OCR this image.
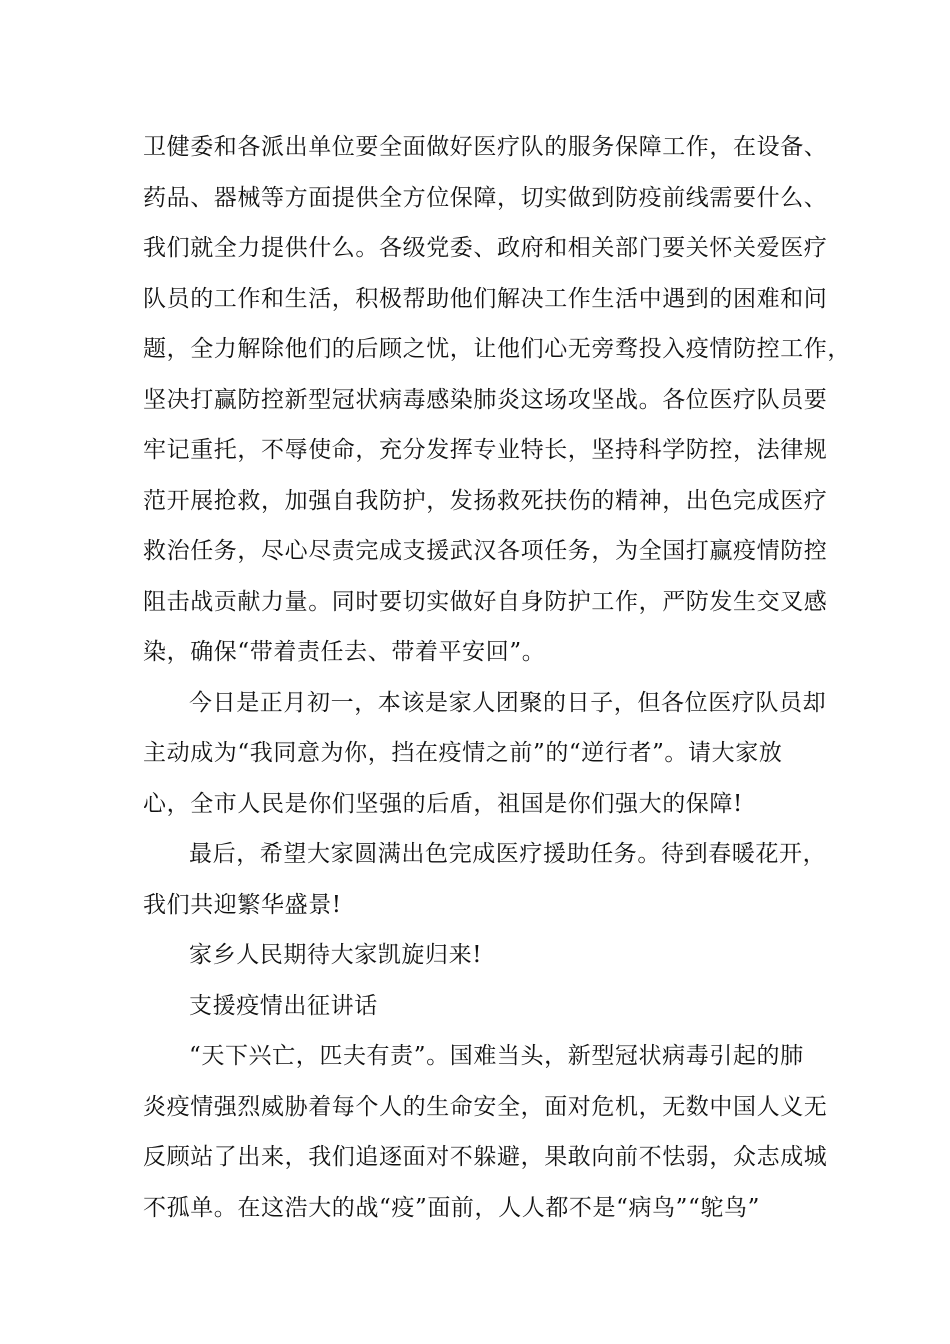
卫健委和各派出单位要全面做好医疗队的服务保障工作，在设备、
药品、器械等方面提供全方位保障，切实做到防疫前线需要什么、
我们就全力提供什么。各级党委、政府和相关部门要关怀关爱医疗
队员的工作和生活，积极帮助他们解决工作生活中遇到的困难和问
题，全力解除他们的后顾之忧，让他们心无旁骛投入疫情防控工作，
坚决打赢防控新型冠状病毒感染肺炎这场攻坚战。各位医疗队员要
牢记重托，不辱使命，充分发挥专业特长，坚持科学防控，法律规
范开展抢救，加强自我防护，发扬救死扶伤的精神，出色完成医疗
救治任务，尽心尽责完成支援武汉各项任务，为全国打赢疫情防控
阻击战贡献力量。同时要切实做好自身防护工作，严防发生交叉感
染，确保“带着责任去、带着平安回”。
今日是正月初一，本该是家人团聚的日子，但各位医疗队员却
主动成为“我同意为你，挡在疫情之前”的“逆行者”。请大家放
心，全市人民是你们坚强的后盾，祖国是你们强大的保障!
最后，希望大家圆满出色完成医疗援助任务。待到春暖花开，
我们共迎繁华盛景!
家乡人民期待大家凯旋归来!
支援疫情出征讲话
“天下兴亡，匹夫有责”。国难当头，新型冠状病毒引起的肺
炎疫情强烈威胁着每个人的生命安全，面对危机，无数中国人义无
反顾站了出来，我们追逐面对不躲避，果敢向前不怯弱，众志成城
不孤单。在这浩大的战“疫”面前，人人都不是“病鸟”“鸵鸟”
